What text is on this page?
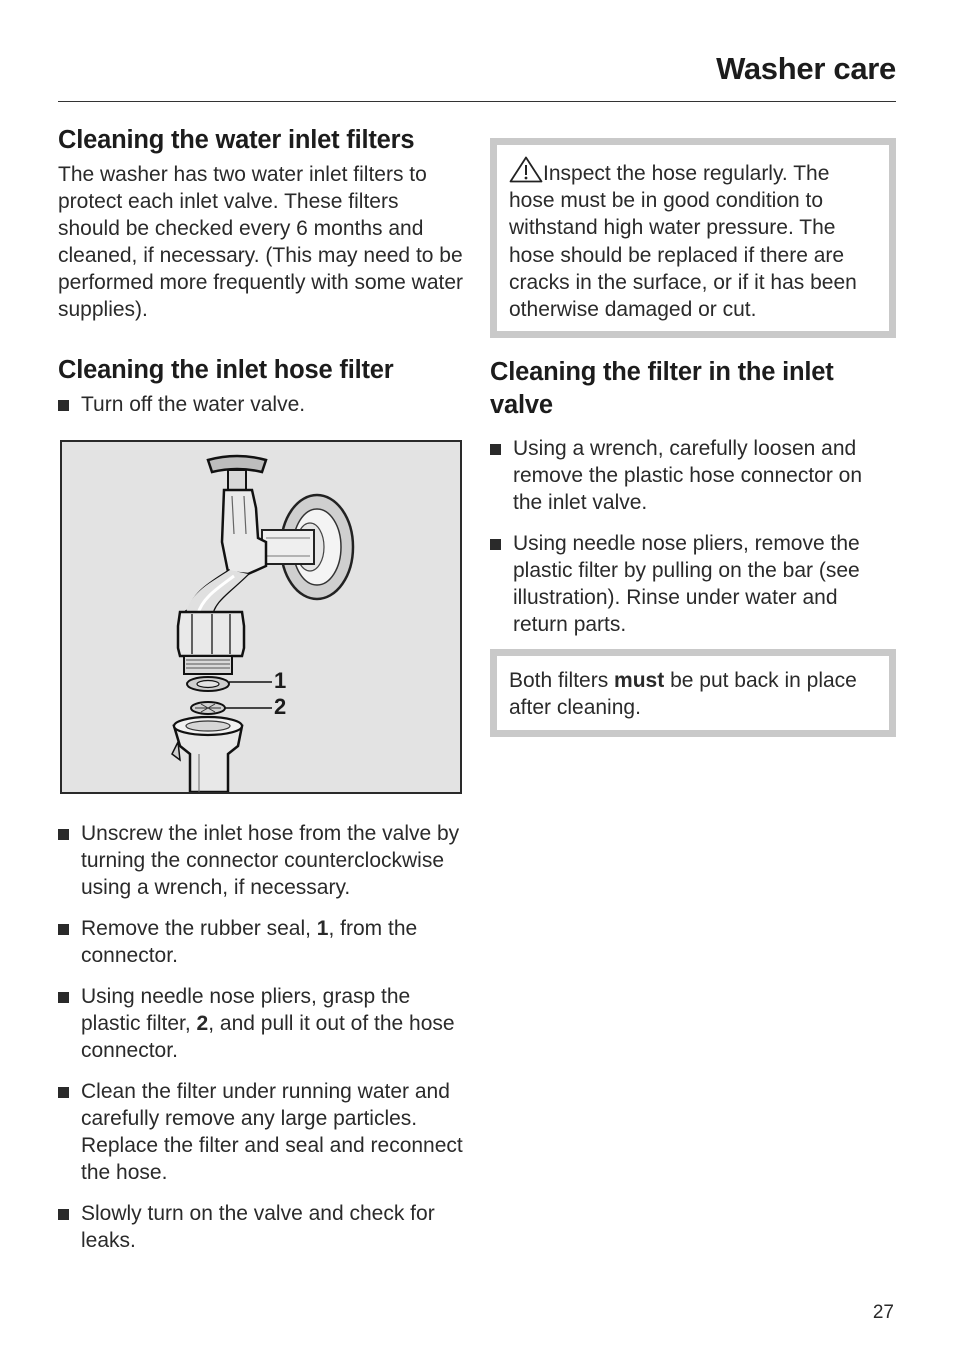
Washer care
Cleaning the water inlet filters

The washer has two water inlet filters to protect each inlet valve. These filters should be checked every 6 months and cleaned, if necessary. (This may need to be performed more frequently with some water supplies).

Cleaning the inlet hose filter
Turn off the water valve.
1
2
Unscrew the inlet hose from the valve by turning the connector counterclockwise using a wrench, if necessary.
Remove the rubber seal, 1, from the connector.
Using needle nose pliers, grasp the plastic filter, 2, and pull it out of the hose connector.
Clean the filter under running water and carefully remove any large particles. Replace the filter and seal and reconnect the hose.
Slowly turn on the valve and check for leaks.
Inspect the hose regularly. The hose must be in good condition to withstand high water pressure. The hose should be replaced if there are cracks in the surface, or if it has been otherwise damaged or cut.
Cleaning the filter in the inlet valve
Using a wrench, carefully loosen and remove the plastic hose connector on the inlet valve.
Using needle nose pliers, remove the plastic filter by pulling on the bar (see illustration). Rinse under water and return parts.
Both filters must be put back in place after cleaning.
27
